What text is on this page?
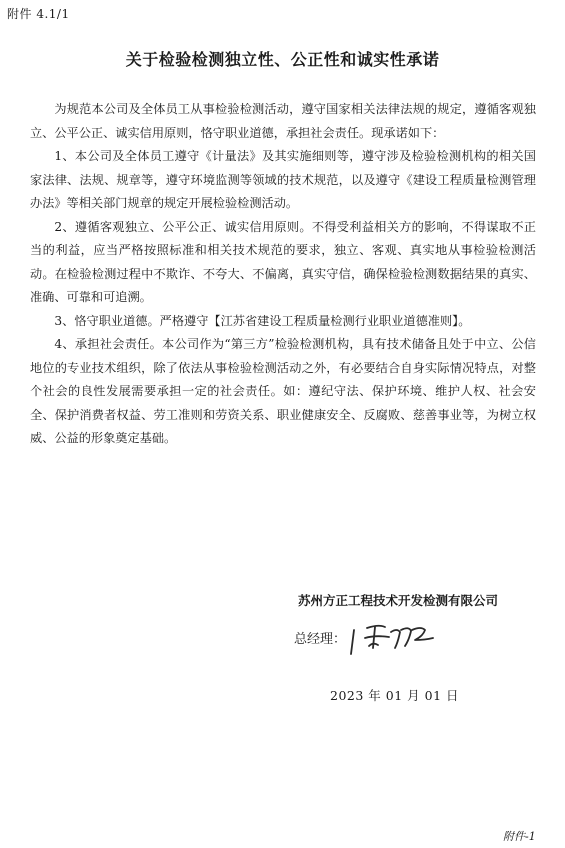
附件 4.1/1
关于检验检测独立性、公正性和诚实性承诺

为规范本公司及全体员工从事检验检测活动，遵守国家相关法律法规的规定，遵循客观独立、公平公正、诚实信用原则，恪守职业道德，承担社会责任。现承诺如下：

1、本公司及全体员工遵守《计量法》及其实施细则等，遵守涉及检验检测机构的相关国家法律、法规、规章等，遵守环境监测等领域的技术规范，以及遵守《建设工程质量检测管理办法》等相关部门规章的规定开展检验检测活动。

2、遵循客观独立、公平公正、诚实信用原则。不得受利益相关方的影响，不得谋取不正当的利益，应当严格按照标准和相关技术规范的要求，独立、客观、真实地从事检验检测活动。在检验检测过程中不欺诈、不夸大、不偏离，真实守信，确保检验检测数据结果的真实、准确、可靠和可追溯。

3、恪守职业道德。严格遵守【江苏省建设工程质量检测行业职业道德准则】。

4、承担社会责任。本公司作为“第三方”检验检测机构，具有技术储备且处于中立、公信地位的专业技术组织，除了依法从事检验检测活动之外，有必要结合自身实际情况特点，对整个社会的良性发展需要承担一定的社会责任。如：遵纪守法、保护环境、维护人权、社会安全、保护消费者权益、劳工准则和劳资关系、职业健康安全、反腐败、慈善事业等，为树立权威、公益的形象奠定基础。

苏州方正工程技术开发检测有限公司
总经理：
2023 年 01 月 01 日
附件-1
